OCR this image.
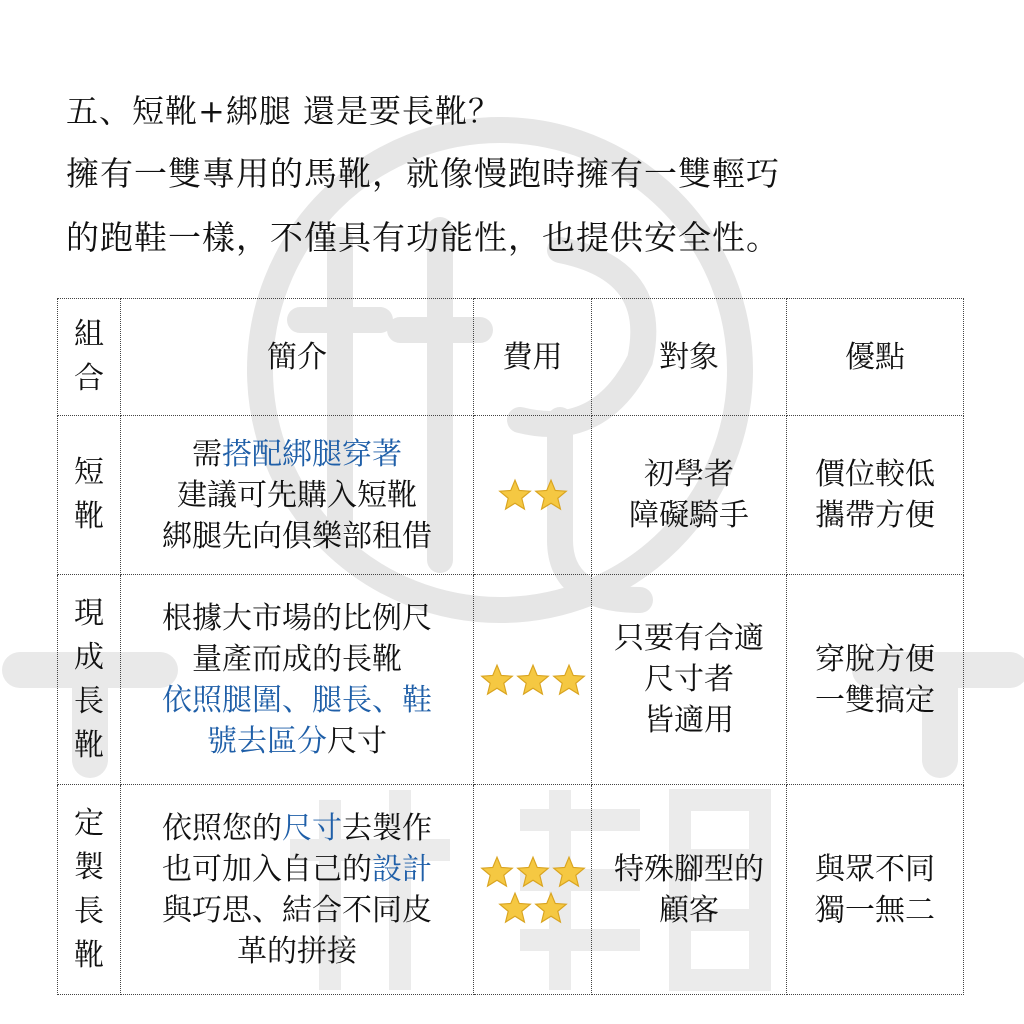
五、短靴+綁腿 還是要長靴？
擁有一雙專用的馬靴，就像慢跑時擁有一雙輕巧
的跑鞋一樣，不僅具有功能性，也提供安全性。
組合	簡介	費用	對象	優點

短靴	需搭配綁腿穿著
建議可先購入短靴
綁腿先向俱樂部租借		初學者
障礙騎手	價位較低
攜帶方便

現成長靴	根據大市場的比例尺
量產而成的長靴
依照腿圍、腿長、鞋
號去區分尺寸		只要有合適
尺寸者
皆適用	穿脫方便
一雙搞定

定製長靴	依照您的尺寸去製作
也可加入自己的設計
與巧思、結合不同皮
革的拼接		特殊腳型的
顧客	與眾不同
獨一無二
